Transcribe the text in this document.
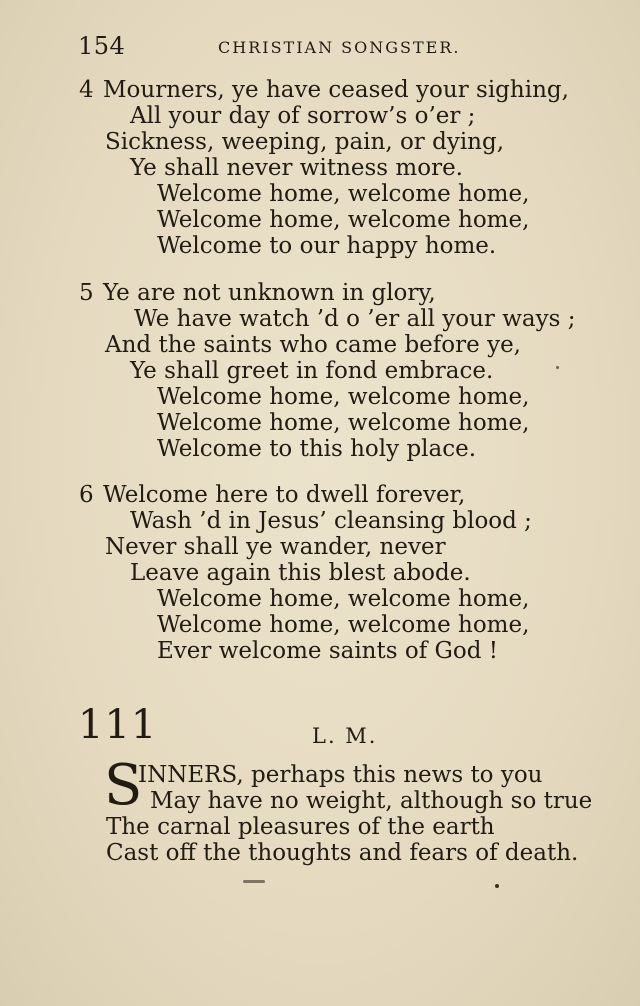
154	CHRISTIAN SONGSTER.
4 Mourners, ye have ceased your sighing,
All your day of sorrow’s o’er ;
Sickness, weeping, pain, or dying,
Ye shall never witness more.
Welcome home, welcome home,
Welcome home, welcome home,
Welcome to our happy home.
5 Ye are not unknown in glory,
We have watch ’d o ’er all your ways ;
And the saints who came before ye,
Ye shall greet in fond embrace.
Welcome home, welcome home,
Welcome home, welcome home,
Welcome to this holy place.
6 Welcome here to dwell forever,
Wash ’d in Jesus’ cleansing blood ;
Never shall ye wander, never
Leave again this blest abode.
Welcome home, welcome home,
Welcome home, welcome home,
Ever welcome saints of God !
111	L. M.
S
INNERS, perhaps this news to you
May have no weight, although so true
The carnal pleasures of the earth
Cast off the thoughts and fears of death.
